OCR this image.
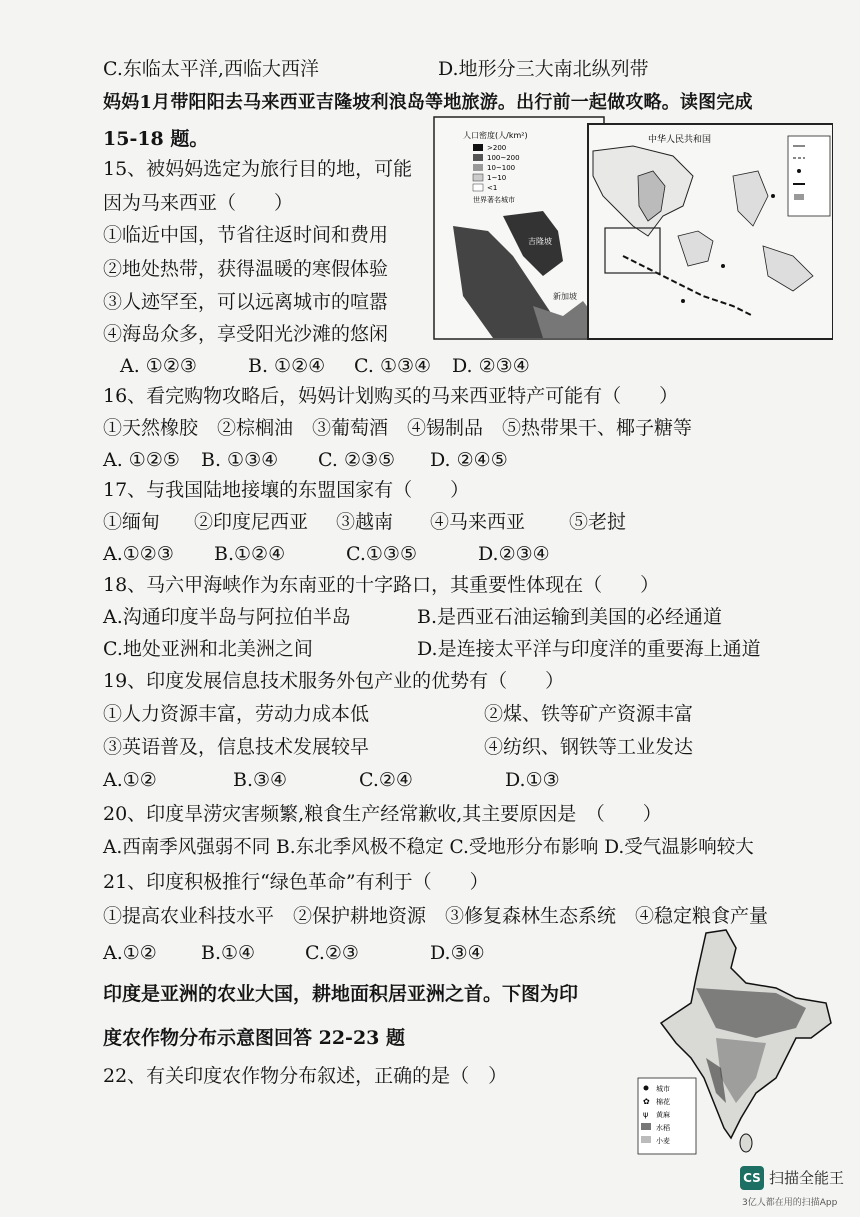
C.东临太平洋,西临大西洋	D.地形分三大南北纵列带
妈妈1月带阳阳去马来西亚吉隆坡利浪岛等地旅游。出行前一起做攻略。读图完成
15-18 题。
15、被妈妈选定为旅行目的地，可能
因为马来西亚（　　）
①临近中国，节省往返时间和费用
②地处热带，获得温暖的寒假体验
③人迹罕至，可以远离城市的喧嚣
④海岛众多，享受阳光沙滩的悠闲
A. ①②③	B. ①②④ C. ①③④ D. ②③④
人口密度(人/km²)
>200
100~200
10~100
1~10
<1
世界著名城市
吉隆坡
新加坡
中华人民共和国
16、看完购物攻略后，妈妈计划购买的马来西亚特产可能有（　　）
①天然橡胶　②棕榈油　③葡萄酒　④锡制品　⑤热带果干、椰子糖等
A. ①②⑤ B. ①③④ C. ②③⑤ D. ②④⑤
17、与我国陆地接壤的东盟国家有（　　）
①缅甸 ②印度尼西亚 ③越南 ④马来西亚 ⑤老挝
A.①②③ B.①②④	C.①③⑤	D.②③④
18、马六甲海峡作为东南亚的十字路口，其重要性体现在（　　）
A.沟通印度半岛与阿拉伯半岛	B.是西亚石油运输到美国的必经通道
C.地处亚洲和北美洲之间	D.是连接太平洋与印度洋的重要海上通道
19、印度发展信息技术服务外包产业的优势有（　　）
①人力资源丰富，劳动力成本低	②煤、铁等矿产资源丰富
③英语普及，信息技术发展较早	④纺织、钢铁等工业发达
A.①②	B.③④	C.②④	D.①③
20、印度旱涝灾害频繁,粮食生产经常歉收,其主要原因是　（　　）
A.西南季风强弱不同 B.东北季风极不稳定 C.受地形分布影响 D.受气温影响较大
21、印度积极推行“绿色革命”有利于（　　）
①提高农业科技水平　②保护耕地资源　③修复森林生态系统　④稳定粮食产量
A.①② B.①④	C.②③	D.③④
印度是亚洲的农业大国，耕地面积居亚洲之首。下图为印
度农作物分布示意图回答 22-23 题
22、有关印度农作物分布叙述，正确的是（　）
城市
✿ 棉花
ψ 黄麻
水稻
小麦
CS 扫描全能王
3亿人都在用的扫描App
